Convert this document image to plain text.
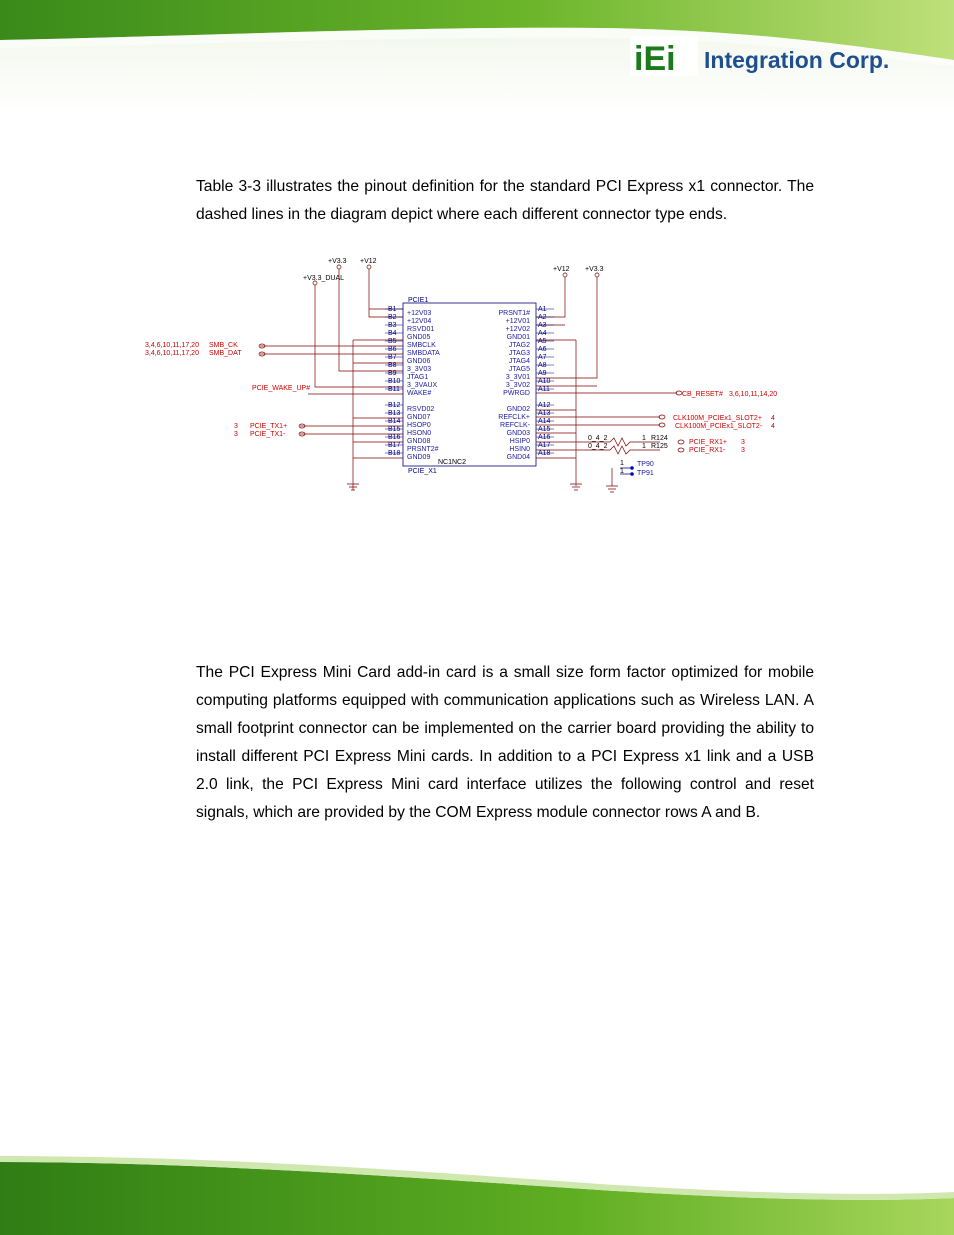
iEi Integration Corp.

Table 3-3 illustrates the pinout definition for the standard PCI Express x1 connector. The dashed lines in the diagram depict where each different connector type ends.

PCIE1
PCIE_X1
NC1NC2
+V3.3 +V12
+V3.3_DUAL
+V12 +V3.3
1
1
TP90
TP91
B1
+12V03
B2
+12V04
B3
RSVD01
B4
GND05
B5
SMBCLK
B6
SMBDATA
B7
GND06
B8
3_3V03
B9
JTAG1
B10
3_3VAUX
B11
WAKE#
B12
RSVD02
B13
GND07
B14
HSOP0
B15
HSON0
B16
GND08
B17
PRSNT2#
B18
GND09
A1
PRSNT1#
A2
+12V01
A3
+12V02
A4
GND01
A5
JTAG2
A6
JTAG3
A7
JTAG4
A8
JTAG5
A9
3_3V01
A10
3_3V02
A11
PWRGD
A12
GND02
A13
REFCLK+
A14
REFCLK-
A15
GND03
A16
HSIP0
A17
HSIN0
A18
GND04
3,4,6,10,11,17,20 SMB_CK
3,4,6,10,11,17,20 SMB_DAT
PCIE_WAKE_UP#
3 PCIE_TX1+
3 PCIE_TX1-
CB_RESET# 3,6,10,11,14,20
CLK100M_PCIEx1_SLOT2+ 4
CLK100M_PCIEx1_SLOT2- 4
PCIE_RX1+ 3
PCIE_RX1- 3
0_4_2
0_4_2
1
1
R124
R125

The PCI Express Mini Card add-in card is a small size form factor optimized for mobile computing platforms equipped with communication applications such as Wireless LAN. A small footprint connector can be implemented on the carrier board providing the ability to install different PCI Express Mini cards. In addition to a PCI Express x1 link and a USB 2.0 link, the PCI Express Mini card interface utilizes the following control and reset signals, which are provided by the COM Express module connector rows A and B.
